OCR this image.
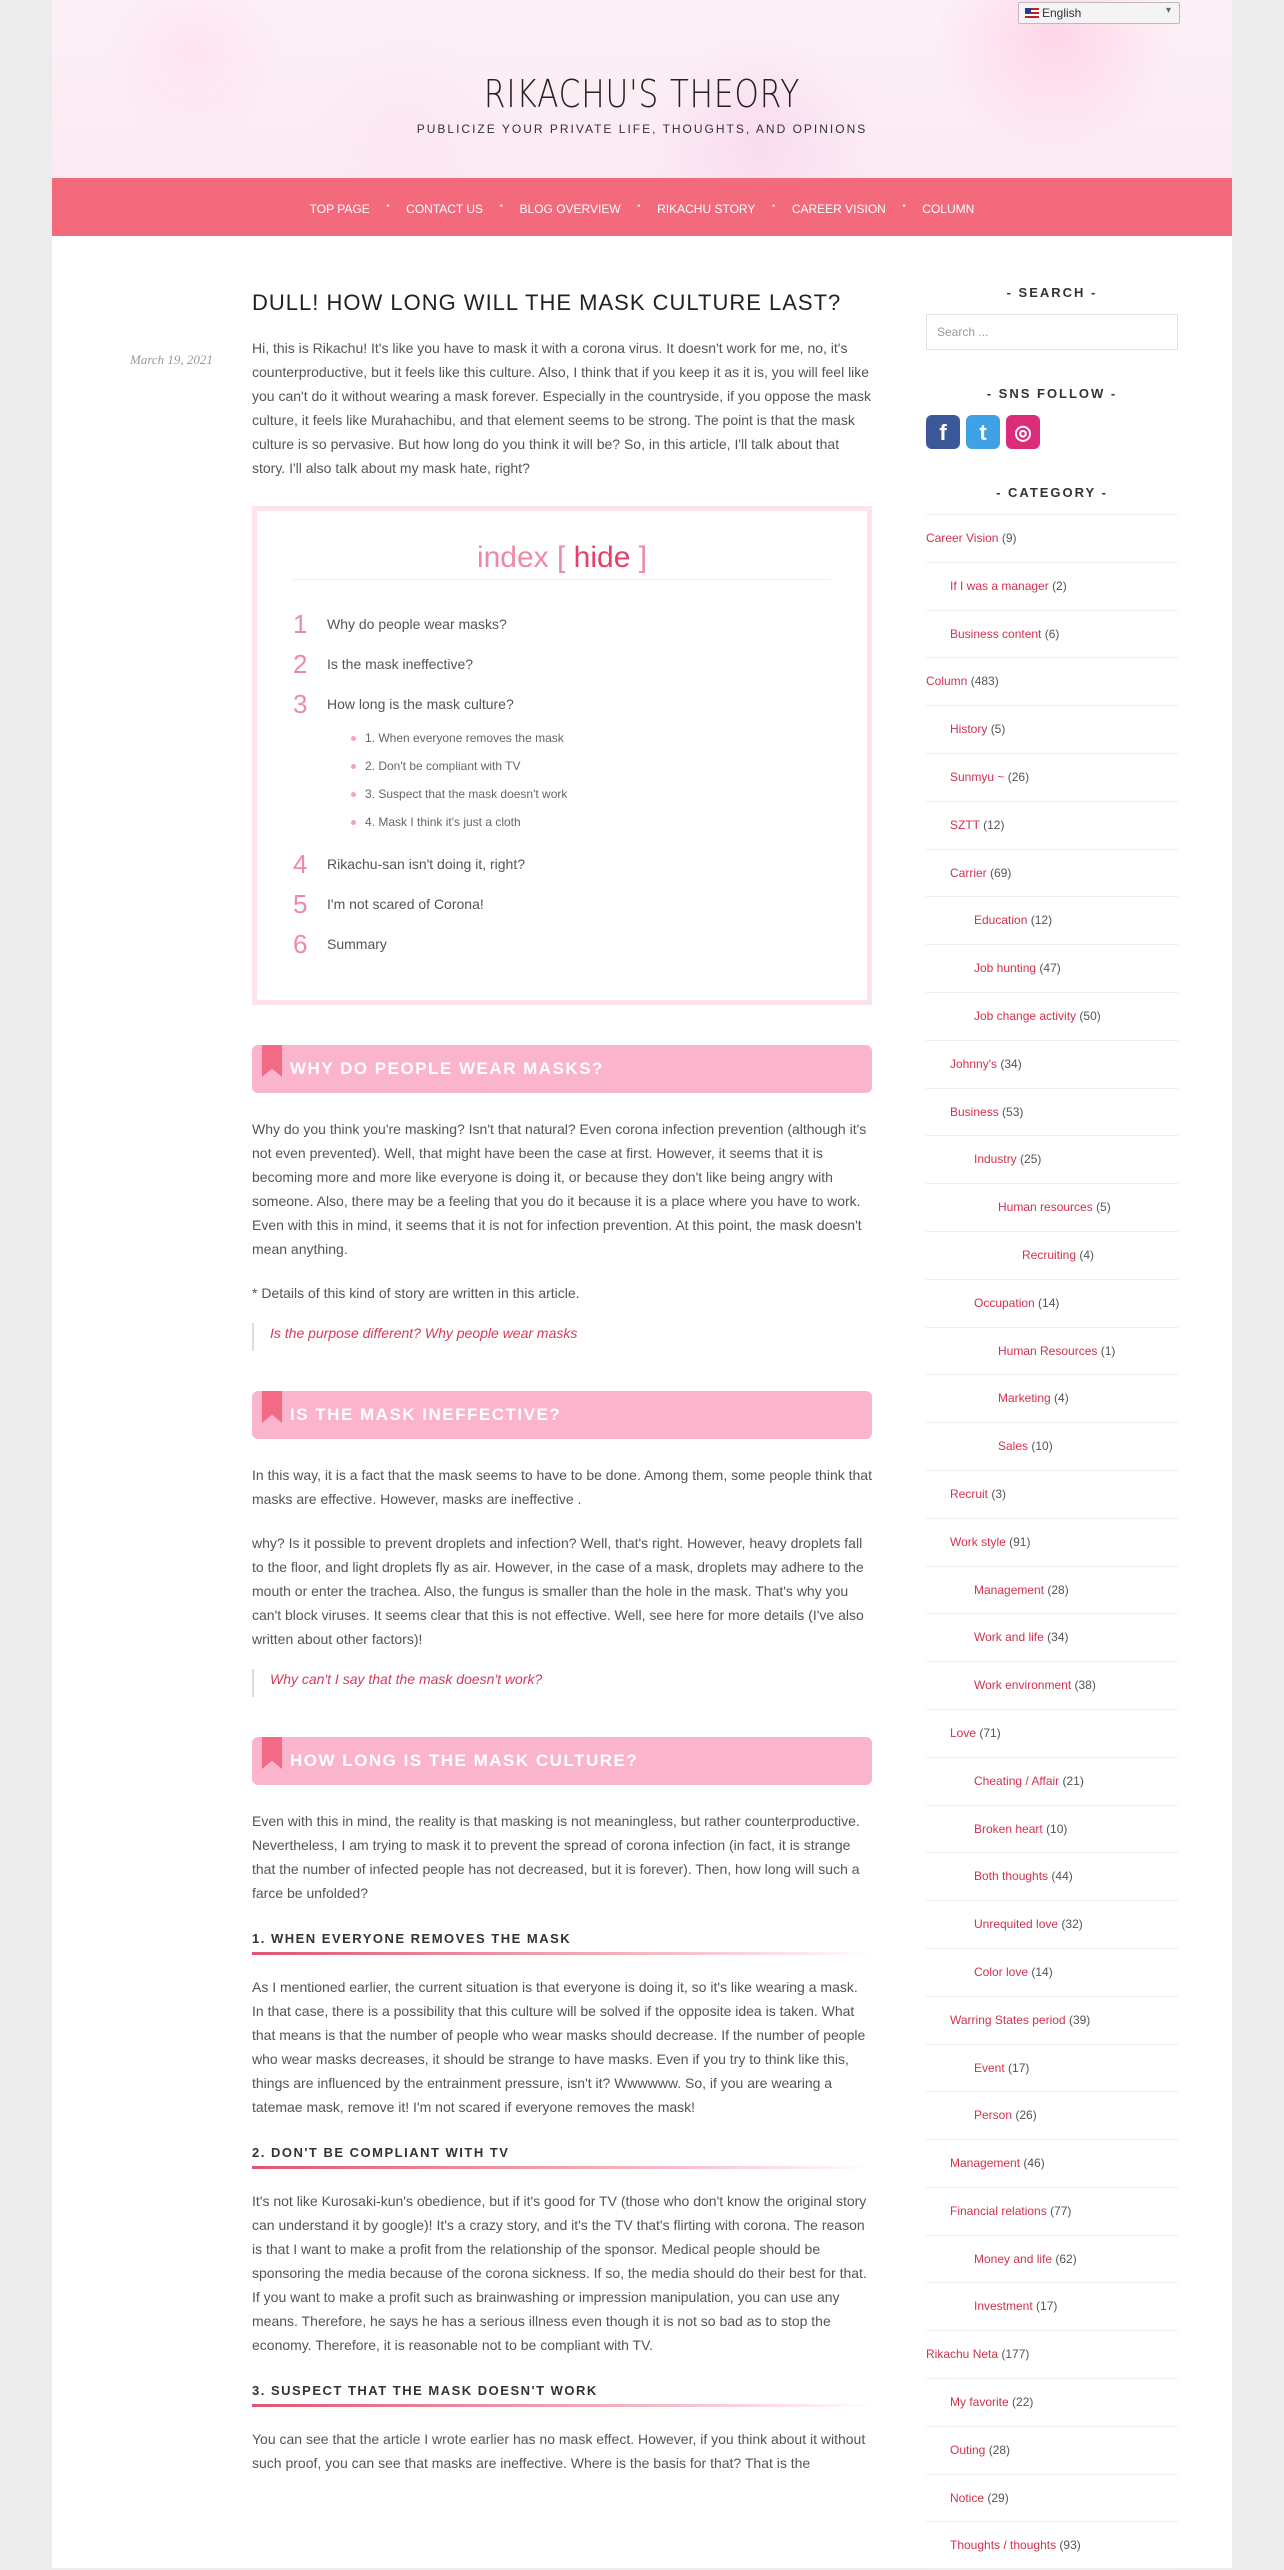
English	▾
RIKACHU'S THEORY
PUBLICIZE YOUR PRIVATE LIFE, THOUGHTS, AND OPINIONS
TOP PAGE •	CONTACT US •	BLOG OVERVIEW •	RIKACHU STORY •	CAREER VISION •	COLUMN
March 19, 2021
DULL! HOW LONG WILL THE MASK CULTURE LAST?

Hi, this is Rikachu! It's like you have to mask it with a corona virus. It doesn't work for me, no, it's counterproductive, but it feels like this culture. Also, I think that if you keep it as it is, you will feel like you can't do it without wearing a mask forever. Especially in the countryside, if you oppose the mask culture, it feels like Murahachibu, and that element seems to be strong. The point is that the mask culture is so pervasive. But how long do you think it will be? So, in this article, I'll talk about that story. I'll also talk about my mask hate, right?

index [ hide ]
1	Why do people wear masks?
2	Is the mask ineffective?
3	How long is the mask culture?
1. When everyone removes the mask
2. Don't be compliant with TV
3. Suspect that the mask doesn't work
4. Mask I think it's just a cloth
4	Rikachu-san isn't doing it, right?
5	I'm not scared of Corona!
6	Summary
WHY DO PEOPLE WEAR MASKS?

Why do you think you're masking? Isn't that natural? Even corona infection prevention (although it's not even prevented). Well, that might have been the case at first. However, it seems that it is becoming more and more like everyone is doing it, or because they don't like being angry with someone. Also, there may be a feeling that you do it because it is a place where you have to work. Even with this in mind, it seems that it is not for infection prevention. At this point, the mask doesn't mean anything.

* Details of this kind of story are written in this article.

Is the purpose different? Why people wear masks
IS THE MASK INEFFECTIVE?

In this way, it is a fact that the mask seems to have to be done. Among them, some people think that masks are effective. However, masks are ineffective .

why? Is it possible to prevent droplets and infection? Well, that's right. However, heavy droplets fall to the floor, and light droplets fly as air. However, in the case of a mask, droplets may adhere to the mouth or enter the trachea. Also, the fungus is smaller than the hole in the mask. That's why you can't block viruses. It seems clear that this is not effective. Well, see here for more details (I've also written about other factors)!

Why can't I say that the mask doesn't work?
HOW LONG IS THE MASK CULTURE?

Even with this in mind, the reality is that masking is not meaningless, but rather counterproductive. Nevertheless, I am trying to mask it to prevent the spread of corona infection (in fact, it is strange that the number of infected people has not decreased, but it is forever). Then, how long will such a farce be unfolded?

1. WHEN EVERYONE REMOVES THE MASK

As I mentioned earlier, the current situation is that everyone is doing it, so it's like wearing a mask. In that case, there is a possibility that this culture will be solved if the opposite idea is taken. What that means is that the number of people who wear masks should decrease. If the number of people who wear masks decreases, it should be strange to have masks. Even if you try to think like this, things are influenced by the entrainment pressure, isn't it? Wwwwww. So, if you are wearing a tatemae mask, remove it! I'm not scared if everyone removes the mask!

2. DON'T BE COMPLIANT WITH TV

It's not like Kurosaki-kun's obedience, but if it's good for TV (those who don't know the original story can understand it by google)! It's a crazy story, and it's the TV that's flirting with corona. The reason is that I want to make a profit from the relationship of the sponsor. Medical people should be sponsoring the media because of the corona sickness. If so, the media should do their best for that. If you want to make a profit such as brainwashing or impression manipulation, you can use any means. Therefore, he says he has a serious illness even though it is not so bad as to stop the economy. Therefore, it is reasonable not to be compliant with TV.

3. SUSPECT THAT THE MASK DOESN'T WORK

You can see that the article I wrote earlier has no mask effect. However, if you think about it without such proof, you can see that masks are ineffective. Where is the basis for that? That is the

- SEARCH -
Search ...
- SNS FOLLOW -
f	t	◎
- CATEGORY -
Career Vision (9)
If I was a manager (2)
Business content (6)
Column (483)
History (5)
Sunmyu ~ (26)
SZTT (12)
Carrier (69)
Education (12)
Job hunting (47)
Job change activity (50)
Johnny's (34)
Business (53)
Industry (25)
Human resources (5)
Recruiting (4)
Occupation (14)
Human Resources (1)
Marketing (4)
Sales (10)
Recruit (3)
Work style (91)
Management (28)
Work and life (34)
Work environment (38)
Love (71)
Cheating / Affair (21)
Broken heart (10)
Both thoughts (44)
Unrequited love (32)
Color love (14)
Warring States period (39)
Event (17)
Person (26)
Management (46)
Financial relations (77)
Money and life (62)
Investment (17)
Rikachu Neta (177)
My favorite (22)
Outing (28)
Notice (29)
Thoughts / thoughts (93)
